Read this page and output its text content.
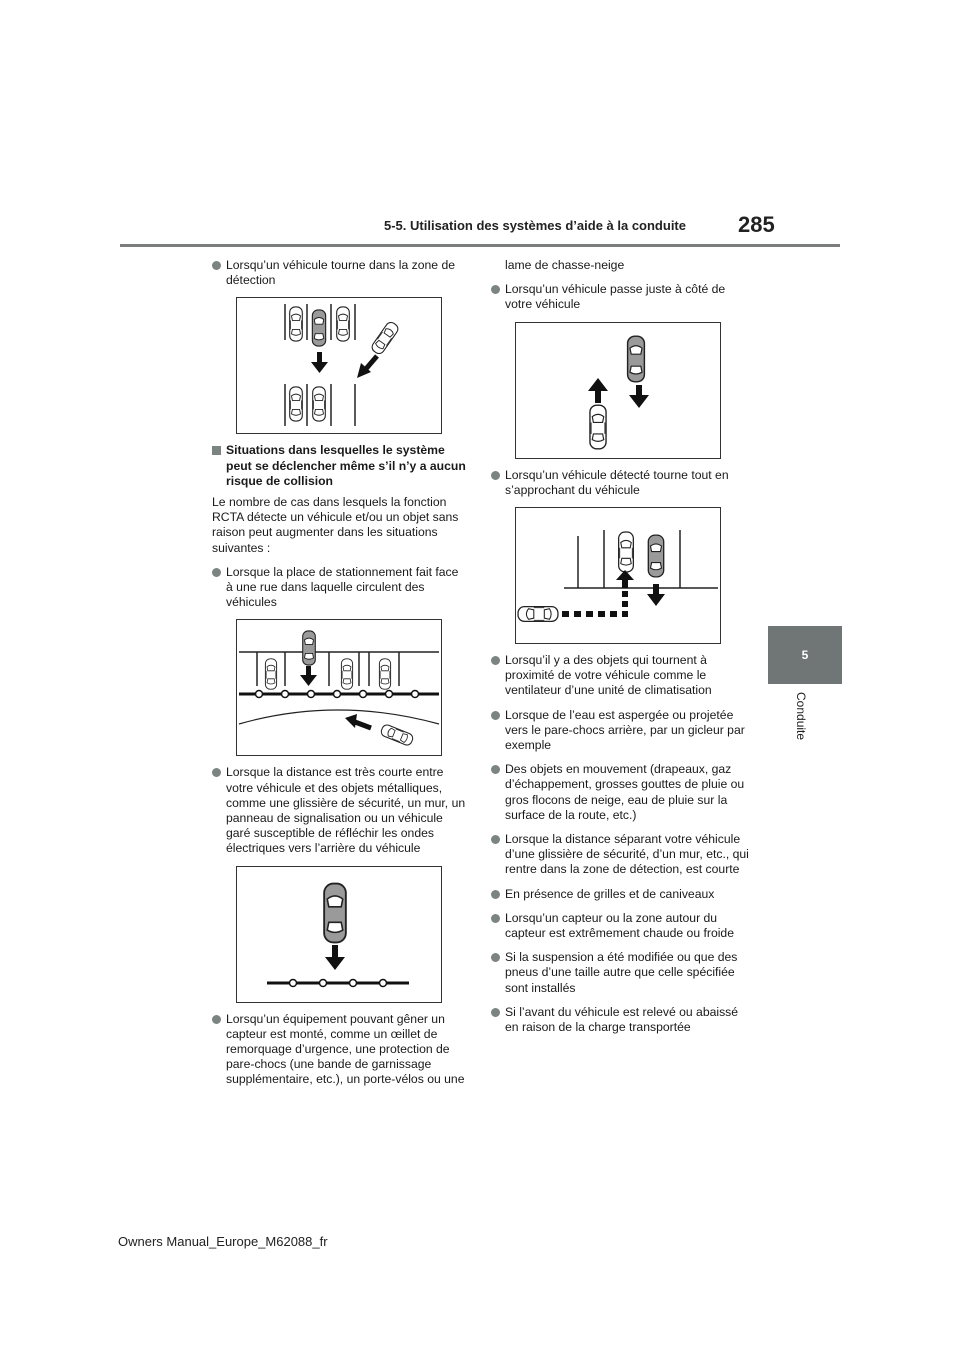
5-5. Utilisation des systèmes d’aide à la conduite 285
5
Conduite
Lorsqu’un véhicule tourne dans la zone de détection
Situations dans lesquelles le système peut se déclencher même s’il n’y a aucun risque de collision
Le nombre de cas dans lesquels la fonction RCTA détecte un véhicule et/ou un objet sans raison peut augmenter dans les situations suivantes :
Lorsque la place de stationnement fait face à une rue dans laquelle circulent des véhicules
Lorsque la distance est très courte entre votre véhicule et des objets métalliques, comme une glissière de sécurité, un mur, un panneau de signalisation ou un véhicule garé susceptible de réfléchir les ondes électriques vers l’arrière du véhicule
Lorsqu’un équipement pouvant gêner un capteur est monté, comme un œillet de remorquage d’urgence, une protection de pare-chocs (une bande de garnissage supplémentaire, etc.), un porte-vélos ou une
lame de chasse-neige
Lorsqu’un véhicule passe juste à côté de votre véhicule
Lorsqu’un véhicule détecté tourne tout en s’approchant du véhicule
Lorsqu’il y a des objets qui tournent à proximité de votre véhicule comme le ventilateur d’une unité de climatisation
Lorsque de l’eau est aspergée ou projetée vers le pare-chocs arrière, par un gicleur par exemple
Des objets en mouvement (drapeaux, gaz d’échappement, grosses gouttes de pluie ou gros flocons de neige, eau de pluie sur la surface de la route, etc.)
Lorsque la distance séparant votre véhicule d’une glissière de sécurité, d’un mur, etc., qui rentre dans la zone de détection, est courte
En présence de grilles et de caniveaux
Lorsqu’un capteur ou la zone autour du capteur est extrêmement chaude ou froide
Si la suspension a été modifiée ou que des pneus d’une taille autre que celle spécifiée sont installés
Si l’avant du véhicule est relevé ou abaissé en raison de la charge transportée
Owners Manual_Europe_M62088_fr
